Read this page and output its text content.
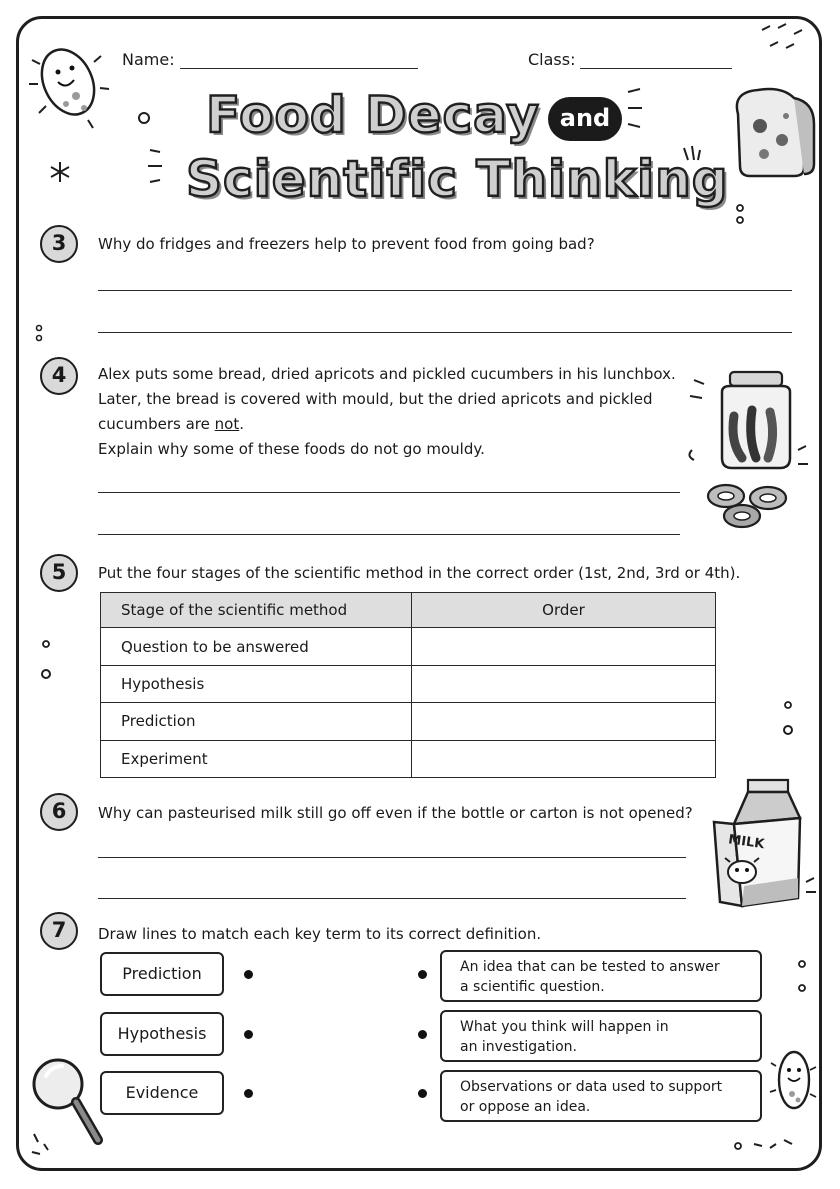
Name:	Class:
Food Decay and
Scientific Thinking
3	Why do fridges and freezers help to prevent food from going bad?
4	Alex puts some bread, dried apricots and pickled cucumbers in his lunchbox.
Later, the bread is covered with mould, but the dried apricots and pickled
cucumbers are not.
Explain why some of these foods do not go mouldy.
5	Put the four stages of the scientific method in the correct order (1st, 2nd, 3rd or 4th).
Stage of the scientific method	Order
Question to be answered	
Hypothesis	
Prediction	
Experiment	
6	Why can pasteurised milk still go off even if the bottle or carton is not opened?
MILK
7	Draw lines to match each key term to its correct definition.
Prediction
Hypothesis
Evidence
An idea that can be tested to answer
a scientific question.
What you think will happen in
an investigation.
Observations or data used to support
or oppose an idea.
